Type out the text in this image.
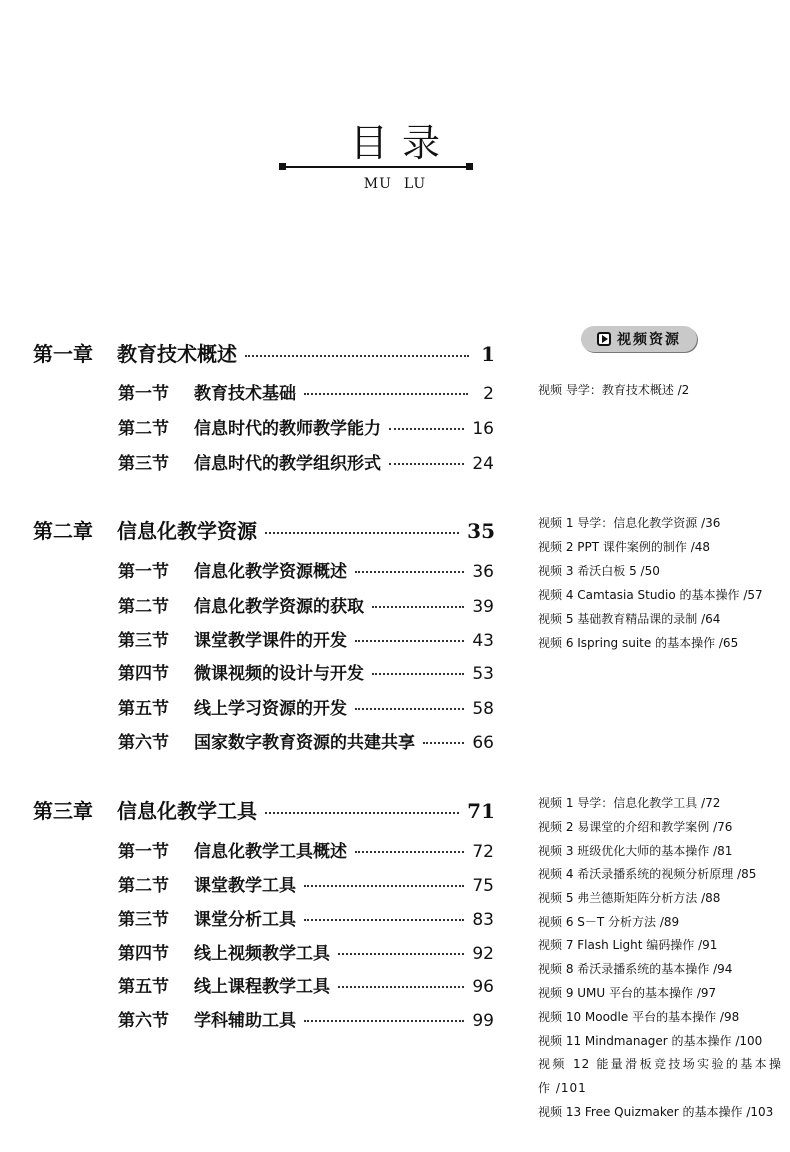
目录
MU LU
第一章	教育技术概述	1
第一节	教育技术基础	2
第二节	信息时代的教师教学能力	16
第三节	信息时代的教学组织形式	24
第二章	信息化教学资源	35
第一节	信息化教学资源概述	36
第二节	信息化教学资源的获取	39
第三节	课堂教学课件的开发	43
第四节	微课视频的设计与开发	53
第五节	线上学习资源的开发	58
第六节	国家数字教育资源的共建共享	66
第三章	信息化教学工具	71
第一节	信息化教学工具概述	72
第二节	课堂教学工具	75
第三节	课堂分析工具	83
第四节	线上视频教学工具	92
第五节	线上课程教学工具	96
第六节	学科辅助工具	99
视频资源
视频 导学：教育技术概述 /2
视频 1 导学：信息化教学资源 /36
视频 2 PPT 课件案例的制作 /48
视频 3 希沃白板 5 /50
视频 4 Camtasia Studio 的基本操作 /57
视频 5 基础教育精品课的录制 /64
视频 6 Ispring suite 的基本操作 /65
视频 1 导学：信息化教学工具 /72
视频 2 易课堂的介绍和教学案例 /76
视频 3 班级优化大师的基本操作 /81
视频 4 希沃录播系统的视频分析原理 /85
视频 5 弗兰德斯矩阵分析方法 /88
视频 6 S－T 分析方法 /89
视频 7 Flash Light 编码操作 /91
视频 8 希沃录播系统的基本操作 /94
视频 9 UMU 平台的基本操作 /97
视频 10 Moodle 平台的基本操作 /98
视频 11 Mindmanager 的基本操作 /100
视频 12 能量滑板竞技场实验的基本操
作 /101
视频 13 Free Quizmaker 的基本操作 /103
